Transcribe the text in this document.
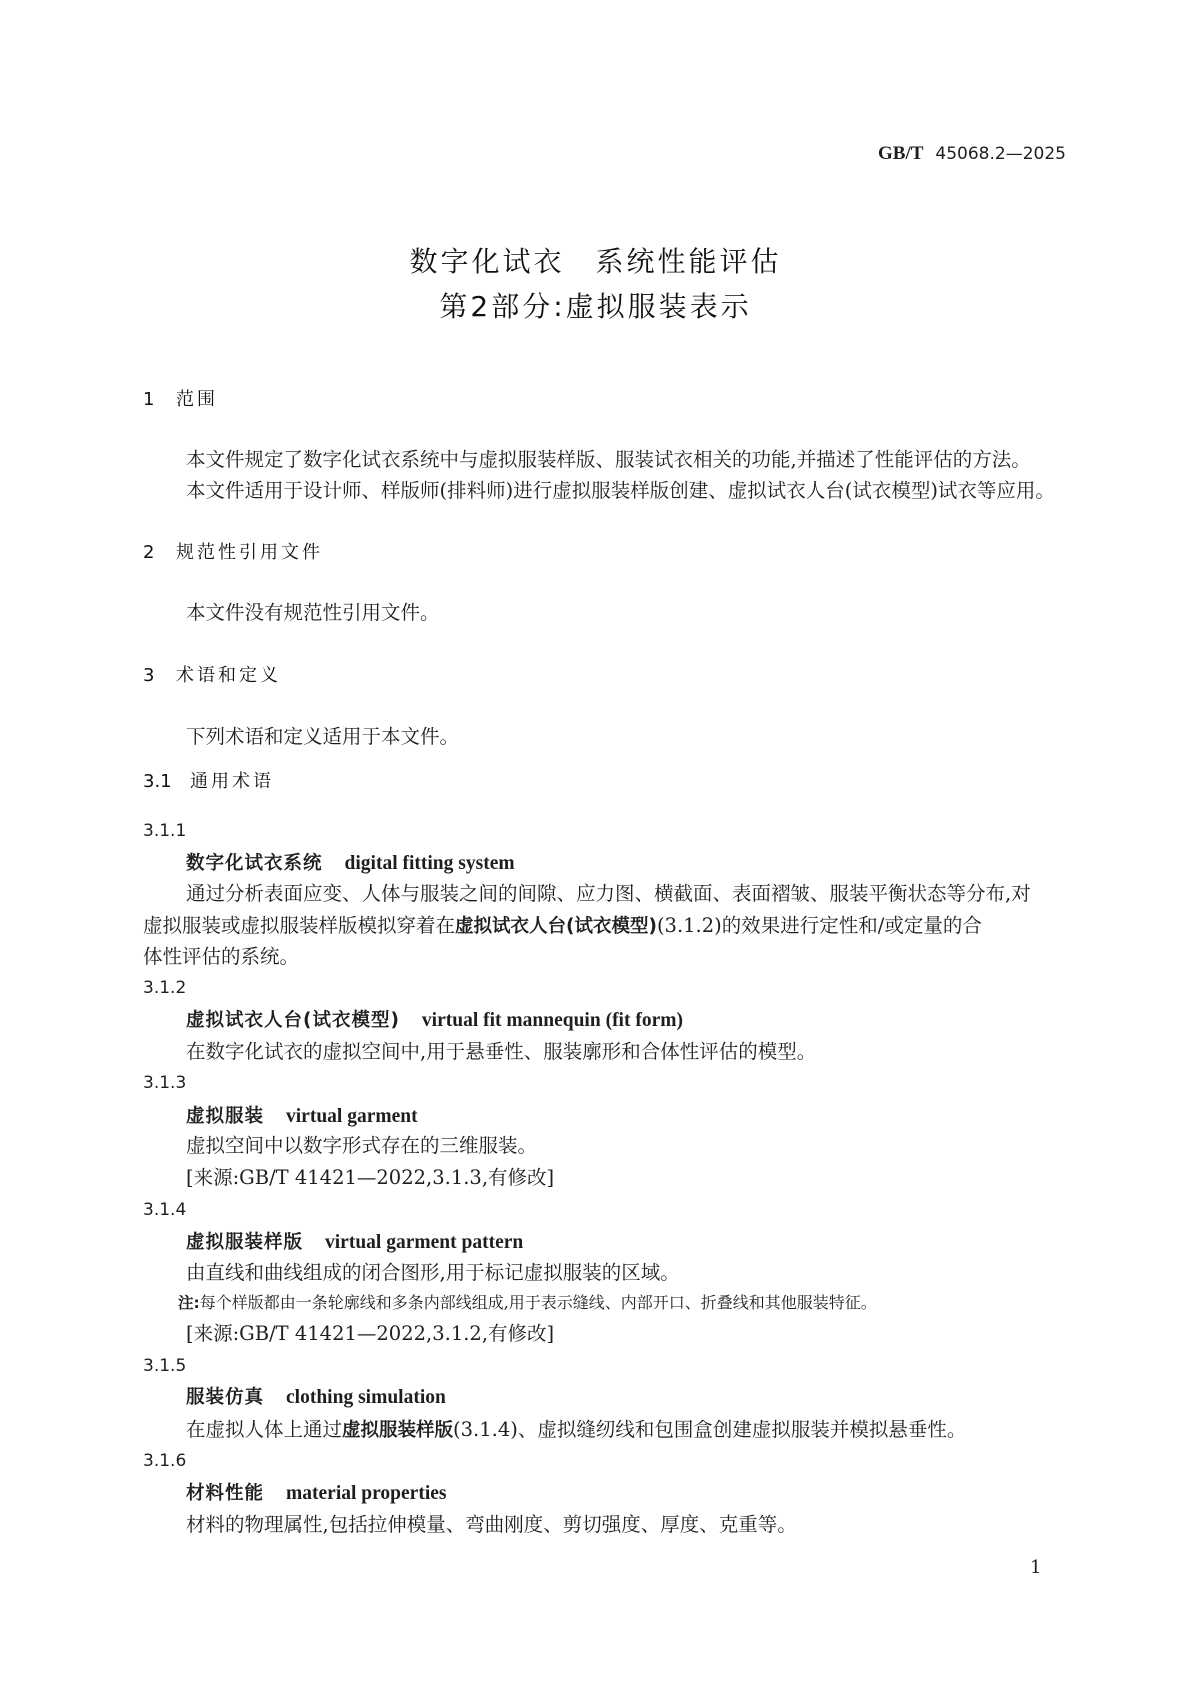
GB/T 45068.2—2025
数字化试衣　系统性能评估
第2部分:虚拟服装表示
1 范围
本文件规定了数字化试衣系统中与虚拟服装样版、服装试衣相关的功能,并描述了性能评估的方法。
本文件适用于设计师、样版师(排料师)进行虚拟服装样版创建、虚拟试衣人台(试衣模型)试衣等应用。
2 规范性引用文件
本文件没有规范性引用文件。
3 术语和定义
下列术语和定义适用于本文件。
3.1 通用术语
3.1.1
数字化试衣系统 digital fitting system
通过分析表面应变、人体与服装之间的间隙、应力图、横截面、表面褶皱、服装平衡状态等分布,对
虚拟服装或虚拟服装样版模拟穿着在虚拟试衣人台(试衣模型)(3.1.2)的效果进行定性和/或定量的合
体性评估的系统。
3.1.2
虚拟试衣人台(试衣模型) virtual fit mannequin (fit form)
在数字化试衣的虚拟空间中,用于悬垂性、服装廓形和合体性评估的模型。
3.1.3
虚拟服装 virtual garment
虚拟空间中以数字形式存在的三维服装。
[来源:GB/T 41421—2022,3.1.3,有修改]
3.1.4
虚拟服装样版 virtual garment pattern
由直线和曲线组成的闭合图形,用于标记虚拟服装的区域。
注:每个样版都由一条轮廓线和多条内部线组成,用于表示缝线、内部开口、折叠线和其他服装特征。
[来源:GB/T 41421—2022,3.1.2,有修改]
3.1.5
服装仿真 clothing simulation
在虚拟人体上通过虚拟服装样版(3.1.4)、虚拟缝纫线和包围盒创建虚拟服装并模拟悬垂性。
3.1.6
材料性能 material properties
材料的物理属性,包括拉伸模量、弯曲刚度、剪切强度、厚度、克重等。
1
